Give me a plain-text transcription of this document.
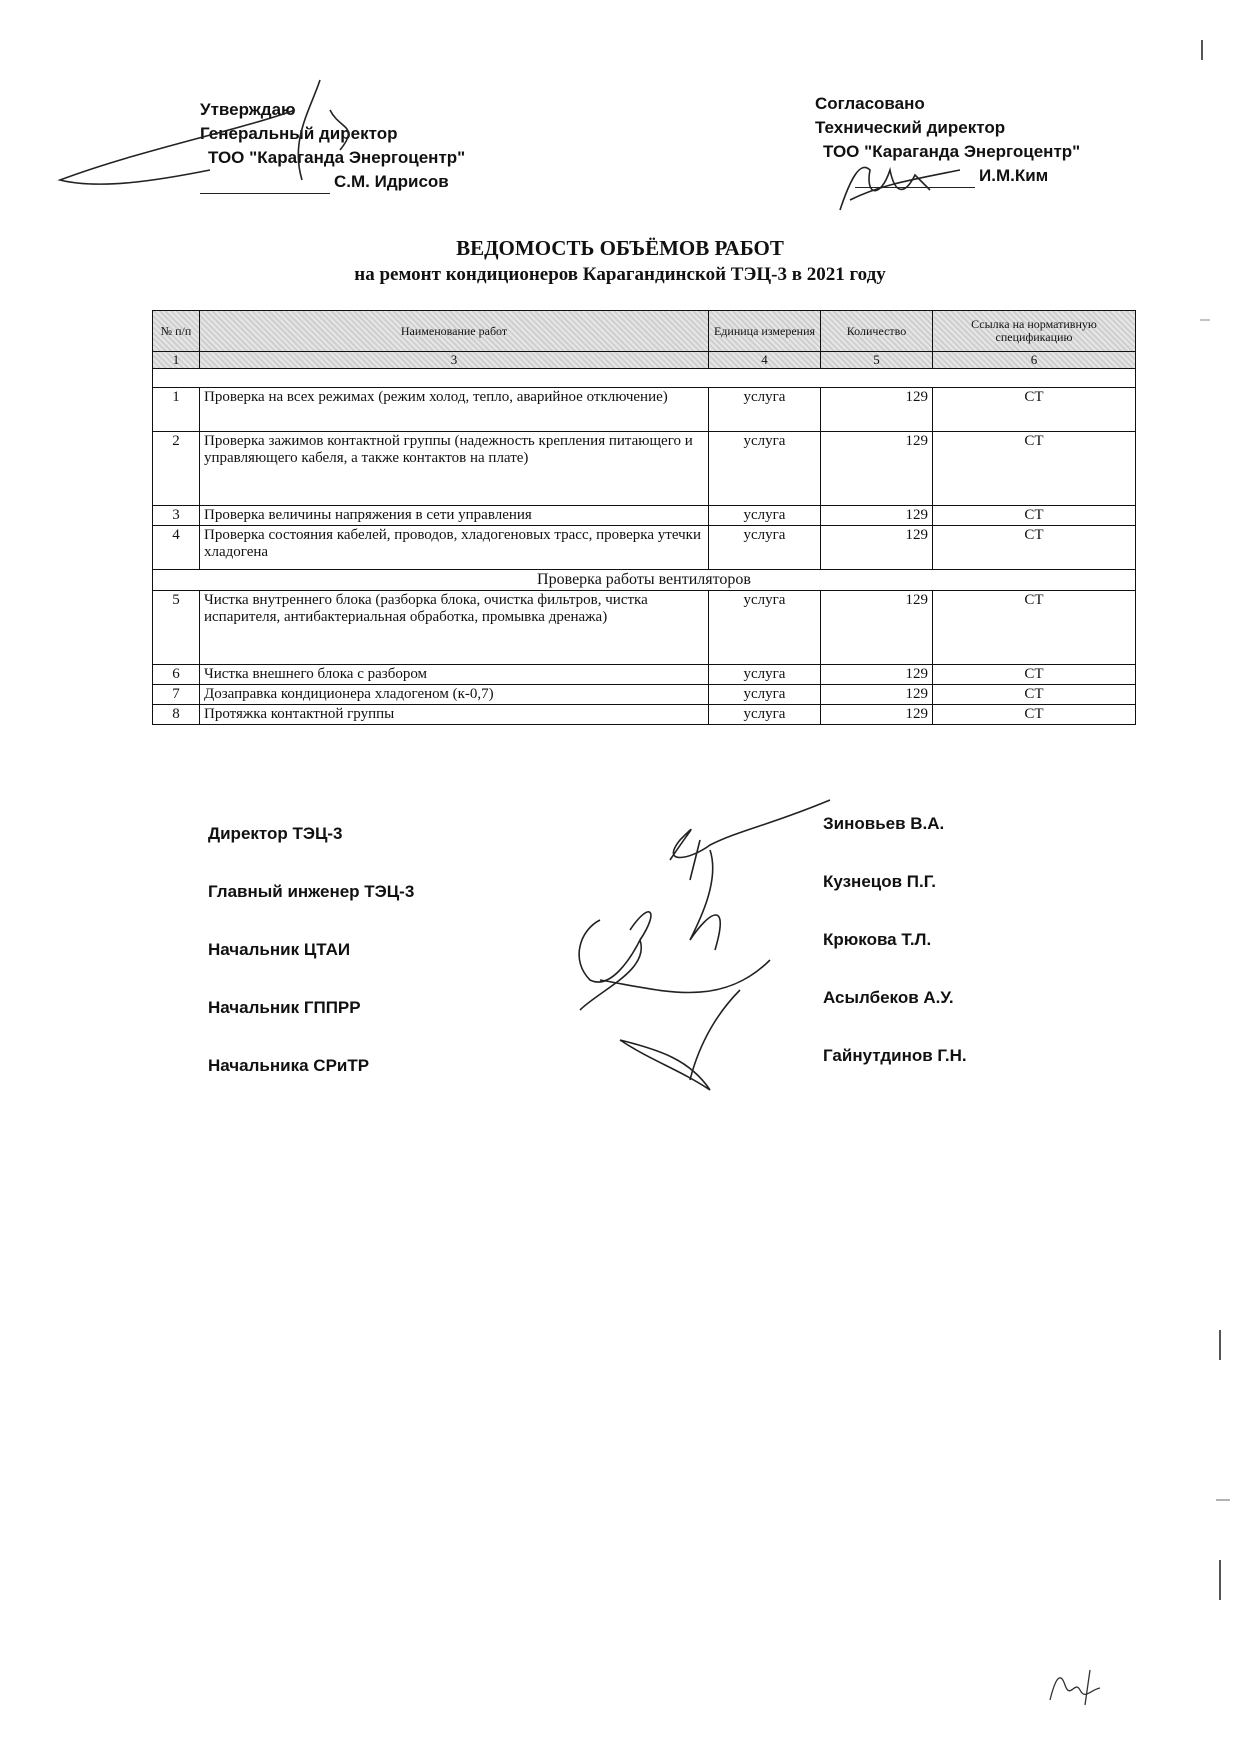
Утверждаю
Генеральный директор
ТОО "Караганда Энергоцентр"
С.М. Идрисов
Согласовано
Технический директор
ТОО "Караганда Энергоцентр"
И.М.Ким
ВЕДОМОСТЬ ОБЪЁМОВ РАБОТ
на ремонт кондиционеров Карагандинской ТЭЦ-3 в 2021 году
№ п/п	Наименование работ	Единица измерения	Количество	Ссылка на нормативную спецификацию
1	3	4	5	6

1	Проверка на всех режимах (режим холод, тепло, аварийное отключение)	услуга	129	СТ
2	Проверка зажимов контактной группы (надежность крепления питающего и управляющего кабеля, а также контактов на плате)	услуга	129	СТ
3	Проверка величины напряжения в сети управления	услуга	129	СТ
4	Проверка состояния кабелей, проводов, хладогеновых трасс, проверка утечки хладогена	услуга	129	СТ
Проверка работы вентиляторов				
5	Чистка внутреннего блока (разборка блока, очистка фильтров, чистка испарителя, антибактериальная обработка, промывка дренажа)	услуга	129	СТ
6	Чистка внешнего блока с разбором	услуга	129	СТ
7	Дозаправка кондиционера хладогеном (к-0,7)	услуга	129	СТ
8	Протяжка контактной группы	услуга	129	СТ
Директор ТЭЦ-3
Главный инженер ТЭЦ-3
Начальник ЦТАИ
Начальник ГППРР
Начальника СРиТР
Зиновьев В.А.
Кузнецов П.Г.
Крюкова Т.Л.
Асылбеков А.У.
Гайнутдинов Г.Н.
